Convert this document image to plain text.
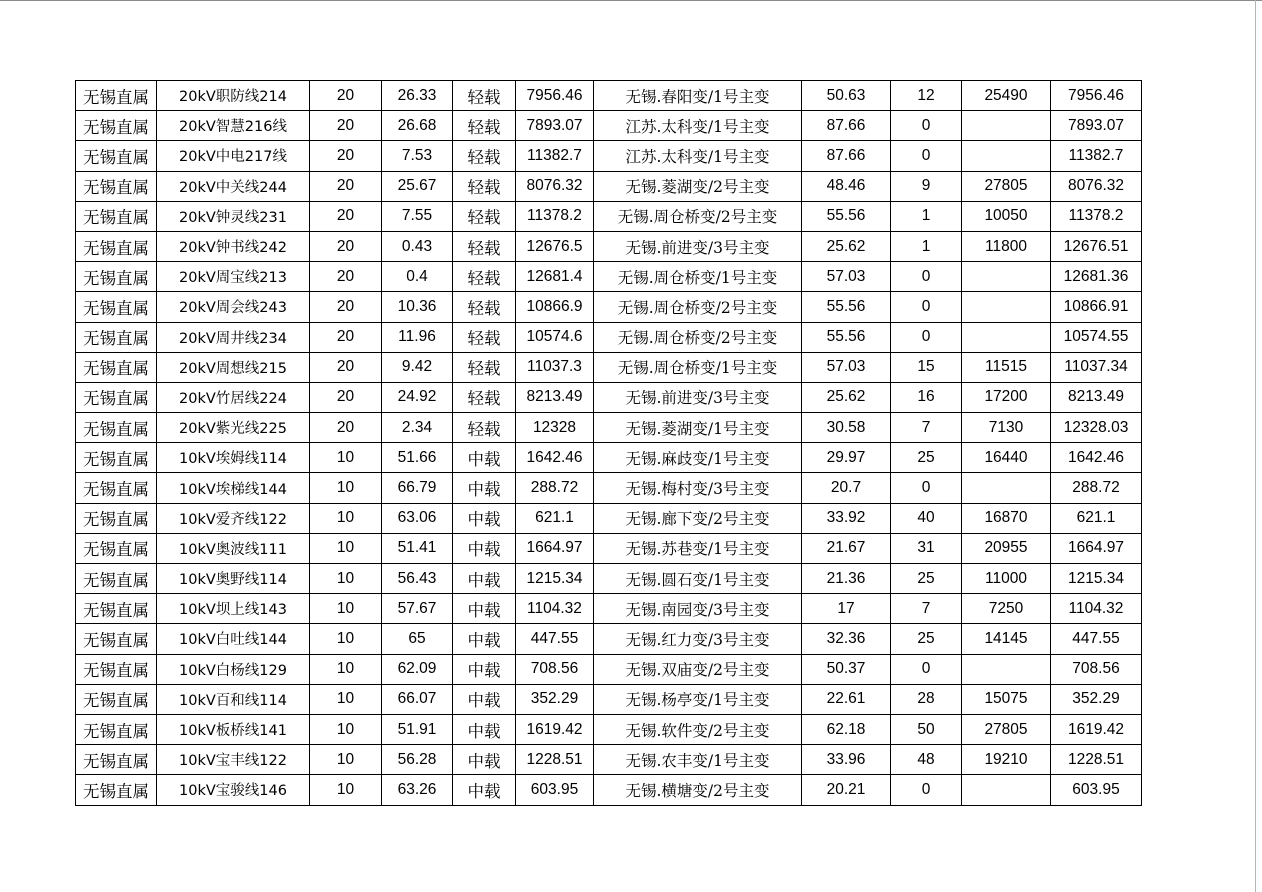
无锡直属	20kV职防线214	20	26.33	轻载	7956.46	无锡.春阳变/1号主变	50.63	12	25490	7956.46
无锡直属	20kV智慧216线	20	26.68	轻载	7893.07	江苏.太科变/1号主变	87.66	0		7893.07
无锡直属	20kV中电217线	20	7.53	轻载	11382.7	江苏.太科变/1号主变	87.66	0		11382.7
无锡直属	20kV中关线244	20	25.67	轻载	8076.32	无锡.菱湖变/2号主变	48.46	9	27805	8076.32
无锡直属	20kV钟灵线231	20	7.55	轻载	11378.2	无锡.周仓桥变/2号主变	55.56	1	10050	11378.2
无锡直属	20kV钟书线242	20	0.43	轻载	12676.5	无锡.前进变/3号主变	25.62	1	11800	12676.51
无锡直属	20kV周宝线213	20	0.4	轻载	12681.4	无锡.周仓桥变/1号主变	57.03	0		12681.36
无锡直属	20kV周会线243	20	10.36	轻载	10866.9	无锡.周仓桥变/2号主变	55.56	0		10866.91
无锡直属	20kV周井线234	20	11.96	轻载	10574.6	无锡.周仓桥变/2号主变	55.56	0		10574.55
无锡直属	20kV周想线215	20	9.42	轻载	11037.3	无锡.周仓桥变/1号主变	57.03	15	11515	11037.34
无锡直属	20kV竹居线224	20	24.92	轻载	8213.49	无锡.前进变/3号主变	25.62	16	17200	8213.49
无锡直属	20kV紫光线225	20	2.34	轻载	12328	无锡.菱湖变/1号主变	30.58	7	7130	12328.03
无锡直属	10kV埃姆线114	10	51.66	中载	1642.46	无锡.麻歧变/1号主变	29.97	25	16440	1642.46
无锡直属	10kV埃梯线144	10	66.79	中载	288.72	无锡.梅村变/3号主变	20.7	0		288.72
无锡直属	10kV爱齐线122	10	63.06	中载	621.1	无锡.廊下变/2号主变	33.92	40	16870	621.1
无锡直属	10kV奥波线111	10	51.41	中载	1664.97	无锡.苏巷变/1号主变	21.67	31	20955	1664.97
无锡直属	10kV奥野线114	10	56.43	中载	1215.34	无锡.圆石变/1号主变	21.36	25	11000	1215.34
无锡直属	10kV坝上线143	10	57.67	中载	1104.32	无锡.南园变/3号主变	17	7	7250	1104.32
无锡直属	10kV白吐线144	10	65	中载	447.55	无锡.红力变/3号主变	32.36	25	14145	447.55
无锡直属	10kV白杨线129	10	62.09	中载	708.56	无锡.双庙变/2号主变	50.37	0		708.56
无锡直属	10kV百和线114	10	66.07	中载	352.29	无锡.杨亭变/1号主变	22.61	28	15075	352.29
无锡直属	10kV板桥线141	10	51.91	中载	1619.42	无锡.软件变/2号主变	62.18	50	27805	1619.42
无锡直属	10kV宝丰线122	10	56.28	中载	1228.51	无锡.农丰变/1号主变	33.96	48	19210	1228.51
无锡直属	10kV宝骏线146	10	63.26	中载	603.95	无锡.横塘变/2号主变	20.21	0		603.95
